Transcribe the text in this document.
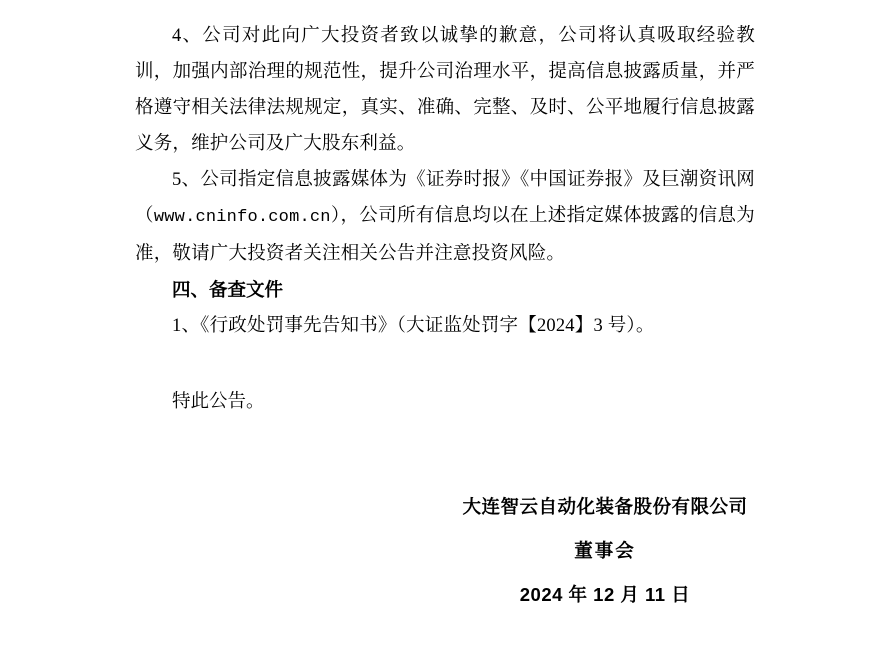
4、公司对此向广大投资者致以诚挚的歉意，公司将认真吸取经验教训，加强内部治理的规范性，提升公司治理水平，提高信息披露质量，并严格遵守相关法律法规规定，真实、准确、完整、及时、公平地履行信息披露义务，维护公司及广大股东利益。

5、公司指定信息披露媒体为《证券时报》《中国证券报》及巨潮资讯网（www.cninfo.com.cn），公司所有信息均以在上述指定媒体披露的信息为准，敬请广大投资者关注相关公告并注意投资风险。

四、备查文件

1、《行政处罚事先告知书》（大证监处罚字【2024】3 号）。

特此公告。

大连智云自动化装备股份有限公司
董事会
2024 年 12 月 11 日
